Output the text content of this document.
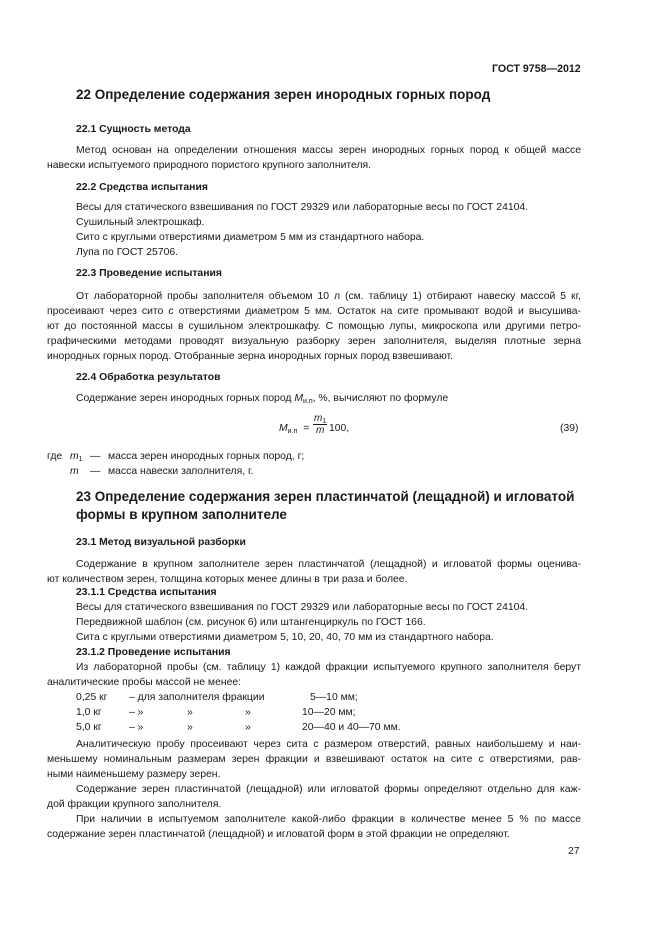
ГОСТ 9758—2012
22 Определение содержания зерен инородных горных пород
22.1 Сущность метода
Метод основан на определении отношения массы зерен инородных горных пород к общей массе
навески испытуемого природного пористого крупного заполнителя.
22.2 Средства испытания
Весы для статического взвешивания по ГОСТ 29329 или лабораторные весы по ГОСТ 24104.
Сушильный электрошкаф.
Сито с круглыми отверстиями диаметром 5 мм из стандартного набора.
Лупа по ГОСТ 25706.
22.3 Проведение испытания
От лабораторной пробы заполнителя объемом 10 л (см. таблицу 1) отбирают навеску массой 5 кг,
просеивают через сито с отверстиями диаметром 5 мм. Остаток на сите промывают водой и высушива-
ют до постоянной массы в сушильном электрошкафу. С помощью лупы, микроскопа или другими петро-
графическими методами проводят визуальную разборку зерен заполнителя, выделяя плотные зерна
инородных горных пород. Отобранные зерна инородных горных пород взвешивают.
22.4 Обработка результатов
Содержание зерен инородных горных пород $M_{и.п}$, %, вычисляют по формуле
$M_{и.п} = \frac{m_1}{m} 100$,	(39)
где $m_1$ — масса зерен инородных горных пород, г;
m — масса навески заполнителя, г.
23 Определение содержания зерен пластинчатой (лещадной) и игловатой
формы в крупном заполнителе
23.1 Метод визуальной разборки
Содержание в крупном заполнителе зерен пластинчатой (лещадной) и игловатой формы оценива-
ют количеством зерен, толщина которых менее длины в три раза и более.
23.1.1 Средства испытания
Весы для статического взвешивания по ГОСТ 29329 или лабораторные весы по ГОСТ 24104.
Передвижной шаблон (см. рисунок 6) или штангенциркуль по ГОСТ 166.
Сита с круглыми отверстиями диаметром 5, 10, 20, 40, 70 мм из стандартного набора.
23.1.2 Проведение испытания
Из лабораторной пробы (см. таблицу 1) каждой фракции испытуемого крупного заполнителя берут
аналитические пробы массой не менее:
0,25 кг – для заполнителя фракции	5—10 мм;
1,0 кг	– »	»	»	10—20 мм;
5,0 кг	– »	»	»	20—40 и 40—70 мм.
Аналитическую пробу просеивают через сита с размером отверстий, равных наибольшему и наи-
меньшему номинальным размерам зерен фракции и взвешивают остаток на сите с отверстиями, рав-
ными наименьшему размеру зерен.
Содержание зерен пластинчатой (лещадной) или игловатой формы определяют отдельно для каж-
дой фракции крупного заполнителя.
При наличии в испытуемом заполнителе какой-либо фракции в количестве менее 5 % по массе
содержание зерен пластинчатой (лещадной) и игловатой форм в этой фракции не определяют.
27
